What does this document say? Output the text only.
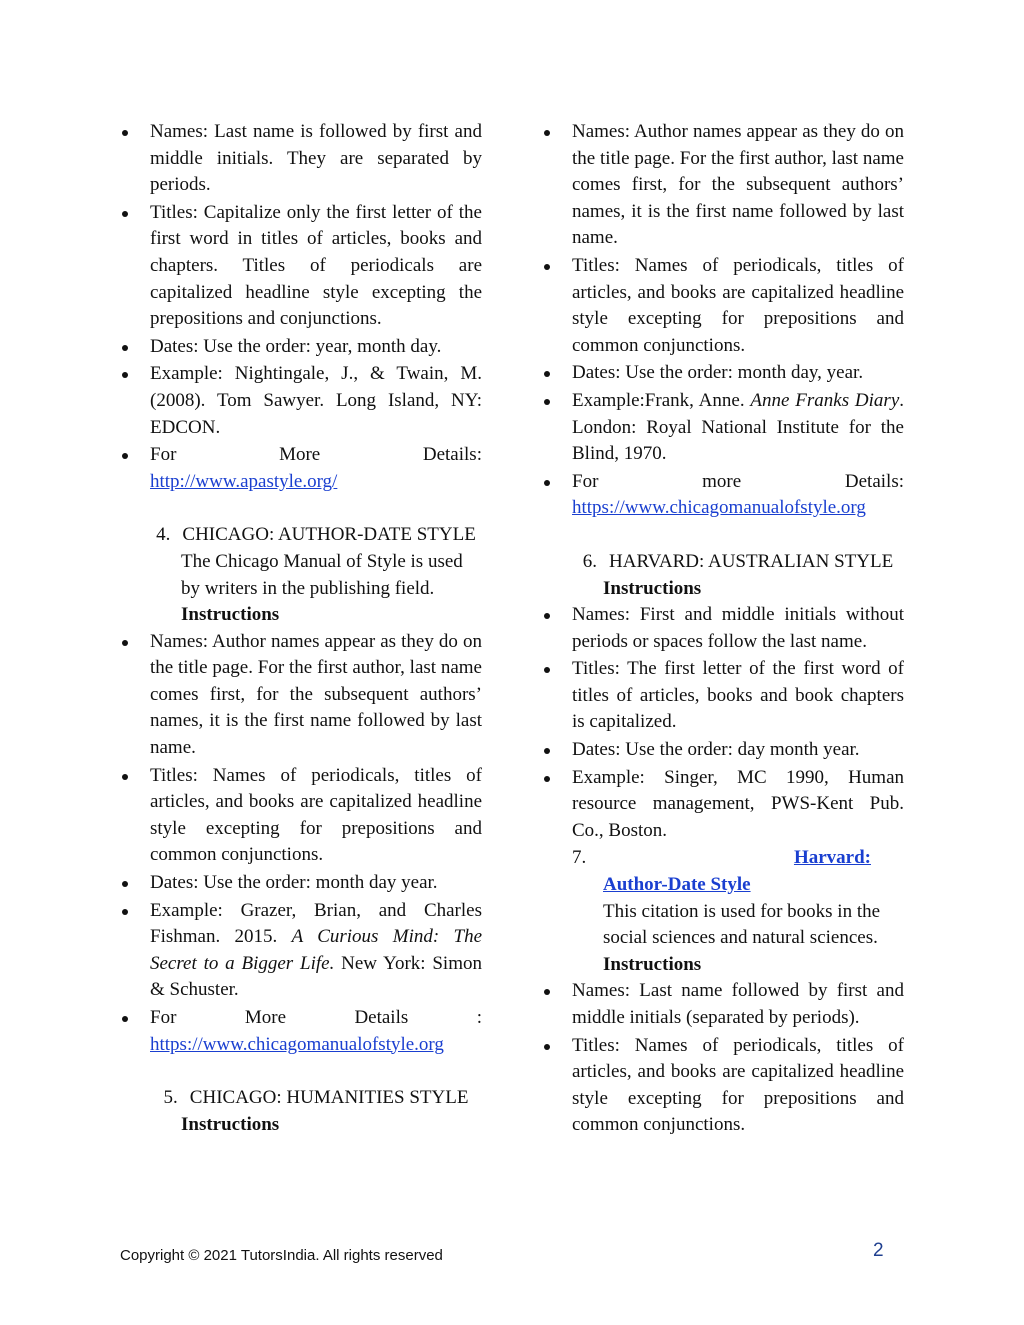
Names: Last name is followed by first and middle initials. They are separated by periods.
Titles: Capitalize only the first letter of the first word in titles of articles, books and chapters. Titles of periodicals are capitalized headline style excepting the prepositions and conjunctions.
Dates: Use the order: year, month day.
Example: Nightingale, J., & Twain, M. (2008). Tom Sawyer. Long Island, NY: EDCON.
For	More	Details:
http://www.apastyle.org/
4. CHICAGO: AUTHOR-DATE STYLE
The Chicago Manual of Style is used by writers in the publishing field.
Instructions
Names: Author names appear as they do on the title page. For the first author, last name comes first, for the subsequent authors’ names, it is the first name followed by last name.
Titles: Names of periodicals, titles of articles, and books are capitalized headline style excepting for prepositions and common conjunctions.
Dates: Use the order: month day year.
Example: Grazer, Brian, and Charles Fishman. 2015. A Curious Mind: The Secret to a Bigger Life. New York: Simon & Schuster.
For	More	Details	:
https://www.chicagomanualofstyle.org
5. CHICAGO: HUMANITIES STYLE
Instructions
Names: Author names appear as they do on the title page. For the first author, last name comes first, for the subsequent authors’ names, it is the first name followed by last name.
Titles: Names of periodicals, titles of articles, and books are capitalized headline style excepting for prepositions and common conjunctions.
Dates: Use the order: month day, year.
Example:Frank, Anne. Anne Franks Diary. London: Royal National Institute for the Blind, 1970.
For	more	Details:
https://www.chicagomanualofstyle.org
6. HARVARD: AUSTRALIAN STYLE
Instructions
Names: First and middle initials without periods or spaces follow the last name.
Titles: The first letter of the first word of titles of articles, books and book chapters is capitalized.
Dates: Use the order: day month year.
Example: Singer, MC 1990, Human resource management, PWS-Kent Pub. Co., Boston.
7.	Harvard:
Author-Date Style
This citation is used for books in the social sciences and natural sciences.
Instructions
Names: Last name followed by first and middle initials (separated by periods).
Titles: Names of periodicals, titles of articles, and books are capitalized headline style excepting for prepositions and common conjunctions.
Copyright © 2021 TutorsIndia. All rights reserved	2
